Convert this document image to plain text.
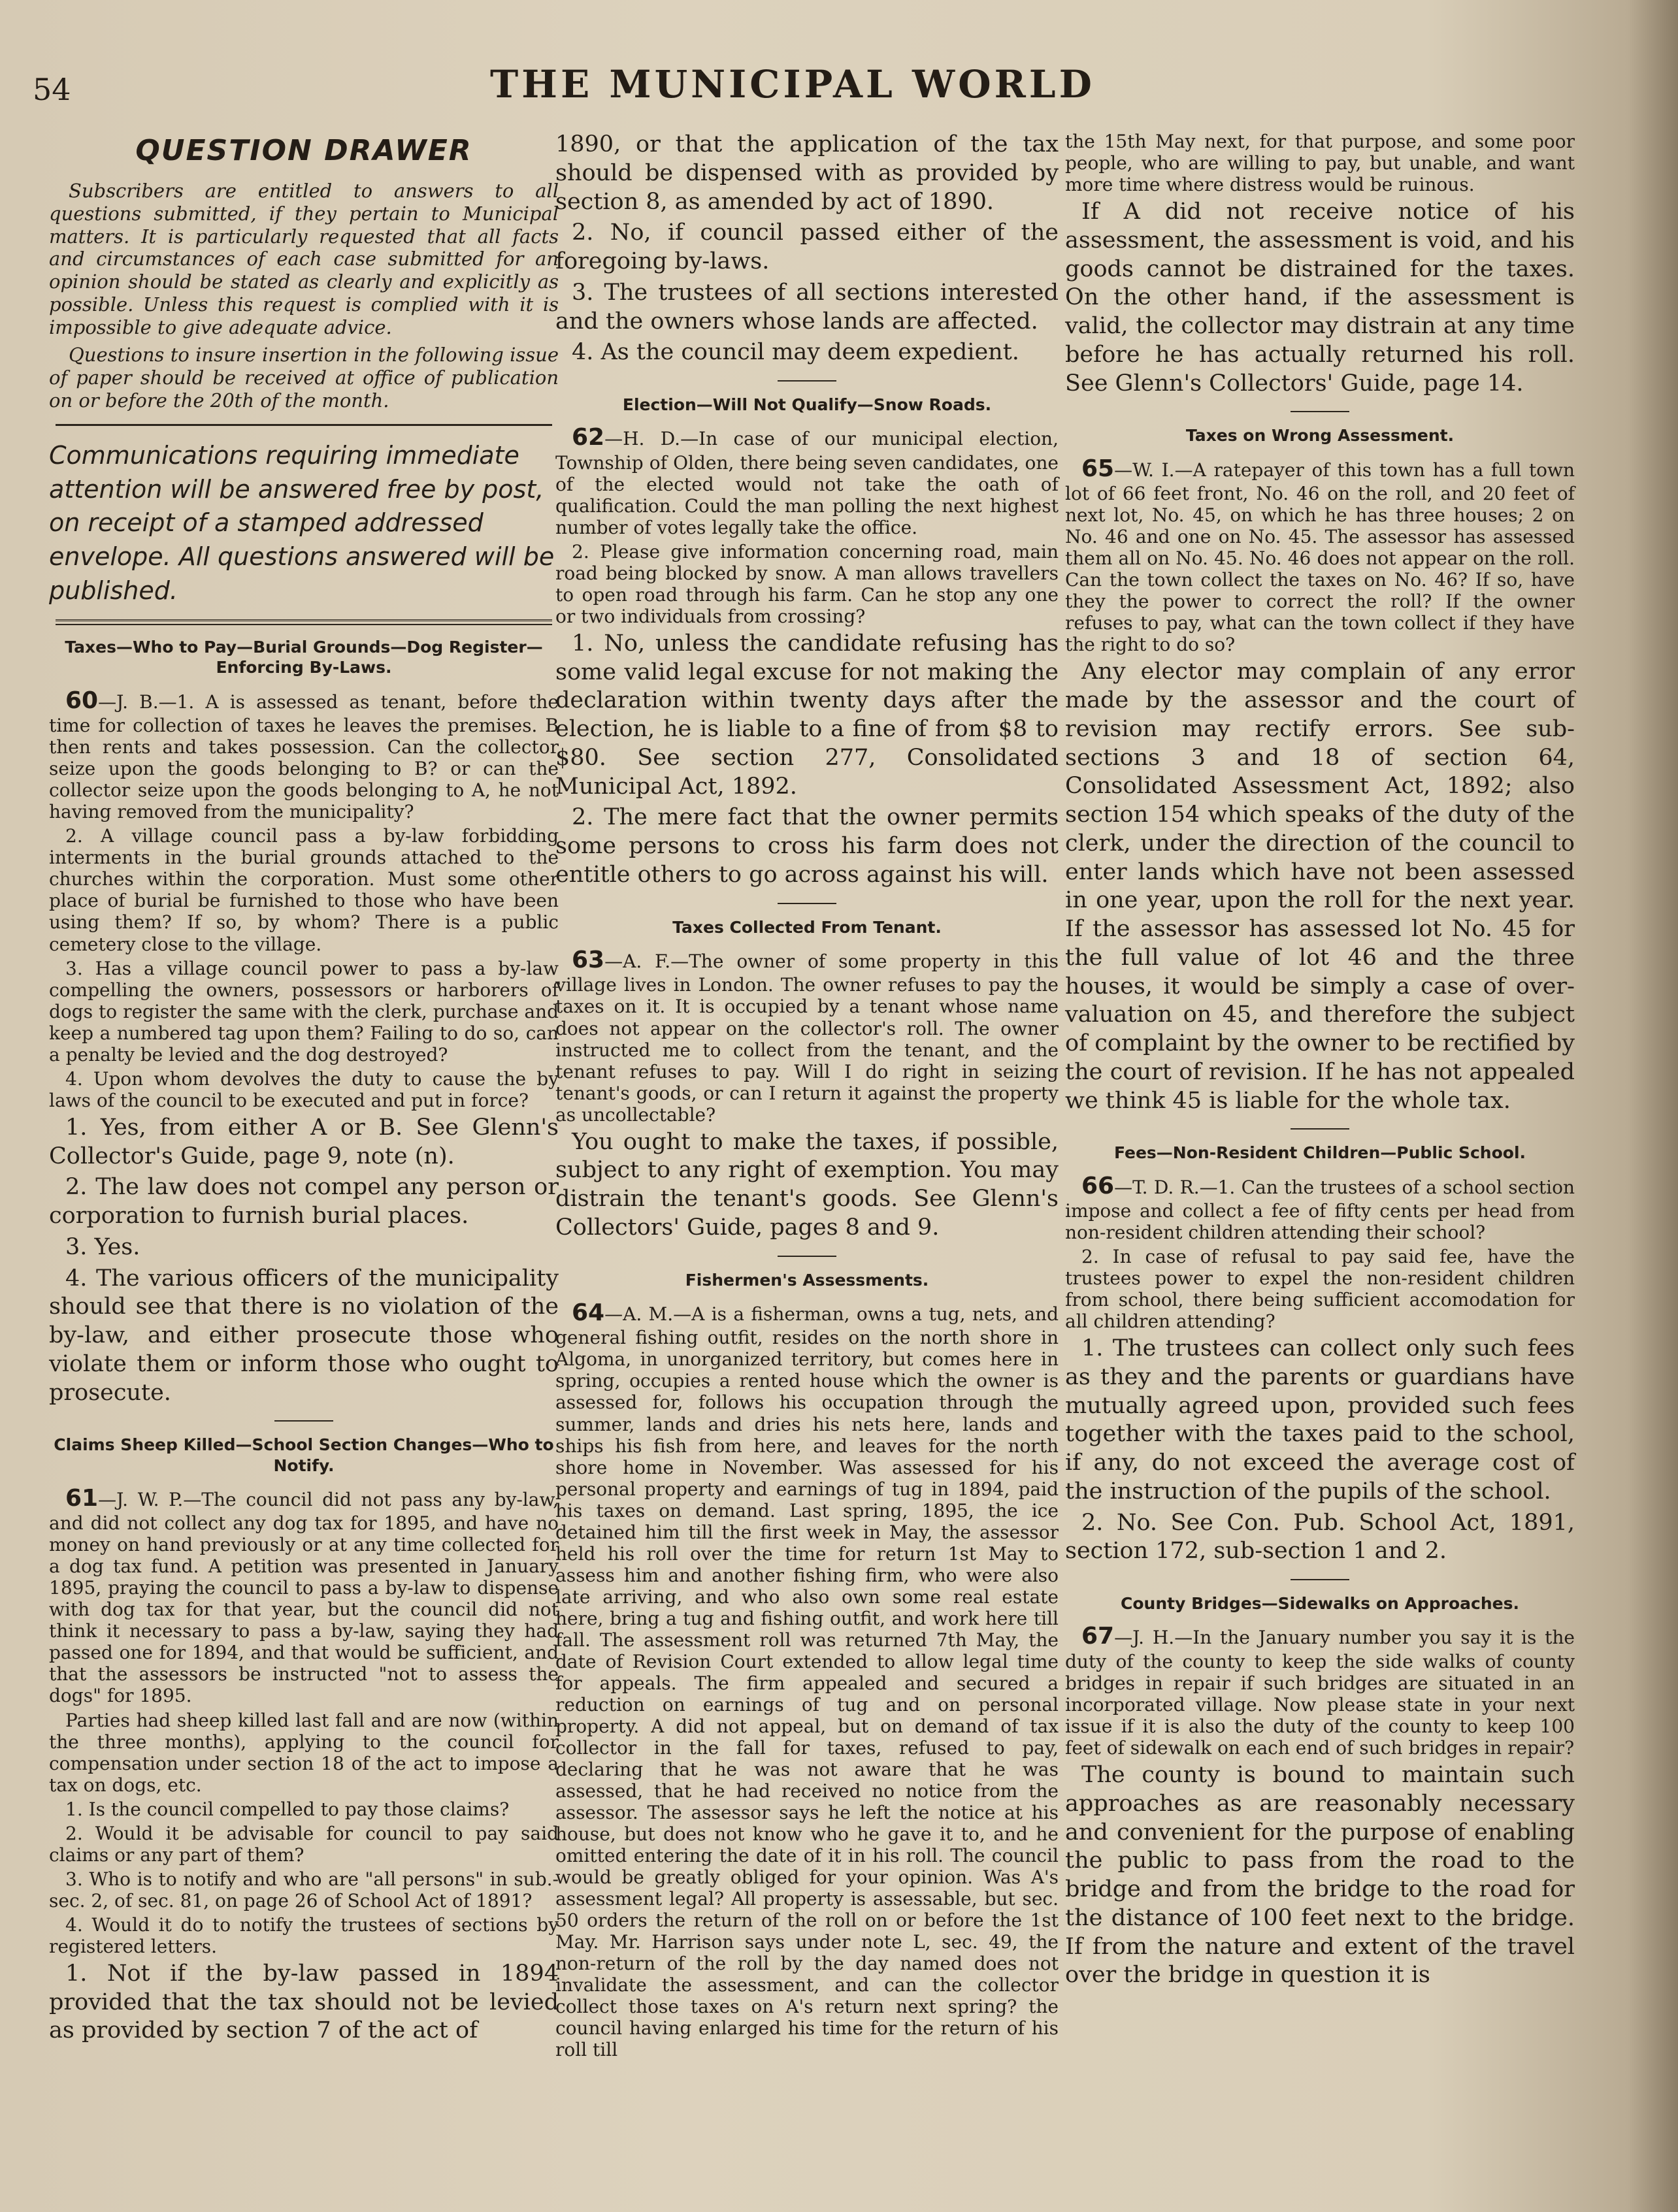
54	THE MUNICIPAL WORLD
QUESTION DRAWER

Subscribers are entitled to answers to all questions submitted, if they pertain to Municipal matters. It is particularly requested that all facts and circumstances of each case submitted for an opinion should be stated as clearly and explicitly as possible. Unless this request is complied with it is impossible to give adequate advice.

Questions to insure insertion in the following issue of paper should be received at office of publication on or before the 20th of the month.

Communications requiring immediate attention will be answered free by post, on receipt of a stamped addressed envelope. All questions answered will be published.
Taxes—Who to Pay—Burial Grounds—Dog Register—Enforcing By-Laws.

60—J. B.—1. A is assessed as tenant, before the time for collection of taxes he leaves the premises. B then rents and takes possession. Can the collector seize upon the goods belonging to B? or can the collector seize upon the goods belonging to A, he not having removed from the municipality?

2. A village council pass a by-law forbidding interments in the burial grounds attached to the churches within the corporation. Must some other place of burial be furnished to those who have been using them? If so, by whom? There is a public cemetery close to the village.

3. Has a village council power to pass a by-law compelling the owners, possessors or harborers of dogs to register the same with the clerk, purchase and keep a numbered tag upon them? Failing to do so, can a penalty be levied and the dog destroyed?

4. Upon whom devolves the duty to cause the by laws of the council to be executed and put in force?

1. Yes, from either A or B. See Glenn's Collector's Guide, page 9, note (n).

2. The law does not compel any person or corporation to furnish burial places.

3. Yes.

4. The various officers of the municipality should see that there is no violation of the by-law, and either prosecute those who violate them or inform those who ought to prosecute.

Claims Sheep Killed—School Section Changes—Who to Notify.

61—J. W. P.—The council did not pass any by-law, and did not collect any dog tax for 1895, and have no money on hand previously or at any time collected for a dog tax fund. A petition was presented in January 1895, praying the council to pass a by-law to dispense with dog tax for that year, but the council did not think it necessary to pass a by-law, saying they had passed one for 1894, and that would be sufficient, and that the assessors be instructed "not to assess the dogs" for 1895.

Parties had sheep killed last fall and are now (within the three months), applying to the council for compensation under section 18 of the act to impose a tax on dogs, etc.

1. Is the council compelled to pay those claims?

2. Would it be advisable for council to pay said claims or any part of them?

3. Who is to notify and who are "all persons" in sub.-sec. 2, of sec. 81, on page 26 of School Act of 1891?

4. Would it do to notify the trustees of sections by registered letters.

1. Not if the by-law passed in 1894 provided that the tax should not be levied as provided by section 7 of the act of

1890, or that the application of the tax should be dispensed with as provided by section 8, as amended by act of 1890.

2. No, if council passed either of the foregoing by-laws.

3. The trustees of all sections interested and the owners whose lands are affected.

4. As the council may deem expedient.

Election—Will Not Qualify—Snow Roads.

62—H. D.—In case of our municipal election, Township of Olden, there being seven candidates, one of the elected would not take the oath of qualification. Could the man polling the next highest number of votes legally take the office.

2. Please give information concerning road, main road being blocked by snow. A man allows travellers to open road through his farm. Can he stop any one or two individuals from crossing?

1. No, unless the candidate refusing has some valid legal excuse for not making the declaration within twenty days after the election, he is liable to a fine of from $8 to $80. See section 277, Consolidated Municipal Act, 1892.

2. The mere fact that the owner permits some persons to cross his farm does not entitle others to go across against his will.

Taxes Collected From Tenant.

63—A. F.—The owner of some property in this village lives in London. The owner refuses to pay the taxes on it. It is occupied by a tenant whose name does not appear on the collector's roll. The owner instructed me to collect from the tenant, and the tenant refuses to pay. Will I do right in seizing tenant's goods, or can I return it against the property as uncollectable?

You ought to make the taxes, if possible, subject to any right of exemption. You may distrain the tenant's goods. See Glenn's Collectors' Guide, pages 8 and 9.

Fishermen's Assessments.

64—A. M.—A is a fisherman, owns a tug, nets, and general fishing outfit, resides on the north shore in Algoma, in unorganized territory, but comes here in spring, occupies a rented house which the owner is assessed for, follows his occupation through the summer, lands and dries his nets here, lands and ships his fish from here, and leaves for the north shore home in November. Was assessed for his personal property and earnings of tug in 1894, paid his taxes on demand. Last spring, 1895, the ice detained him till the first week in May, the assessor held his roll over the time for return 1st May to assess him and another fishing firm, who were also late arriving, and who also own some real estate here, bring a tug and fishing outfit, and work here till fall. The assessment roll was returned 7th May, the date of Revision Court extended to allow legal time for appeals. The firm appealed and secured a reduction on earnings of tug and on personal property. A did not appeal, but on demand of tax collector in the fall for taxes, refused to pay, declaring that he was not aware that he was assessed, that he had received no notice from the assessor. The assessor says he left the notice at his house, but does not know who he gave it to, and he omitted entering the date of it in his roll. The council would be greatly obliged for your opinion. Was A's assessment legal? All property is assessable, but sec. 50 orders the return of the roll on or before the 1st May. Mr. Harrison says under note L, sec. 49, the non-return of the roll by the day named does not invalidate the assessment, and can the collector collect those taxes on A's return next spring? the council having enlarged his time for the return of his roll till

the 15th May next, for that purpose, and some poor people, who are willing to pay, but unable, and want more time where distress would be ruinous.

If A did not receive notice of his assessment, the assessment is void, and his goods cannot be distrained for the taxes. On the other hand, if the assessment is valid, the collector may distrain at any time before he has actually returned his roll. See Glenn's Collectors' Guide, page 14.

Taxes on Wrong Assessment.

65—W. I.—A ratepayer of this town has a full town lot of 66 feet front, No. 46 on the roll, and 20 feet of next lot, No. 45, on which he has three houses; 2 on No. 46 and one on No. 45. The assessor has assessed them all on No. 45. No. 46 does not appear on the roll. Can the town collect the taxes on No. 46? If so, have they the power to correct the roll? If the owner refuses to pay, what can the town collect if they have the right to do so?

Any elector may complain of any error made by the assessor and the court of revision may rectify errors. See sub-sections 3 and 18 of section 64, Consolidated Assessment Act, 1892; also section 154 which speaks of the duty of the clerk, under the direction of the council to enter lands which have not been assessed in one year, upon the roll for the next year. If the assessor has assessed lot No. 45 for the full value of lot 46 and the three houses, it would be simply a case of over-valuation on 45, and therefore the subject of complaint by the owner to be rectified by the court of revision. If he has not appealed we think 45 is liable for the whole tax.

Fees—Non-Resident Children—Public School.

66—T. D. R.—1. Can the trustees of a school section impose and collect a fee of fifty cents per head from non-resident children attending their school?

2. In case of refusal to pay said fee, have the trustees power to expel the non-resident children from school, there being sufficient accomodation for all children attending?

1. The trustees can collect only such fees as they and the parents or guardians have mutually agreed upon, provided such fees together with the taxes paid to the school, if any, do not exceed the average cost of the instruction of the pupils of the school.

2. No. See Con. Pub. School Act, 1891, section 172, sub-section 1 and 2.

County Bridges—Sidewalks on Approaches.

67—J. H.—In the January number you say it is the duty of the county to keep the side walks of county bridges in repair if such bridges are situated in an incorporated village. Now please state in your next issue if it is also the duty of the county to keep 100 feet of sidewalk on each end of such bridges in repair?

The county is bound to maintain such approaches as are reasonably necessary and convenient for the purpose of enabling the public to pass from the road to the bridge and from the bridge to the road for the distance of 100 feet next to the bridge. If from the nature and extent of the travel over the bridge in question it is
